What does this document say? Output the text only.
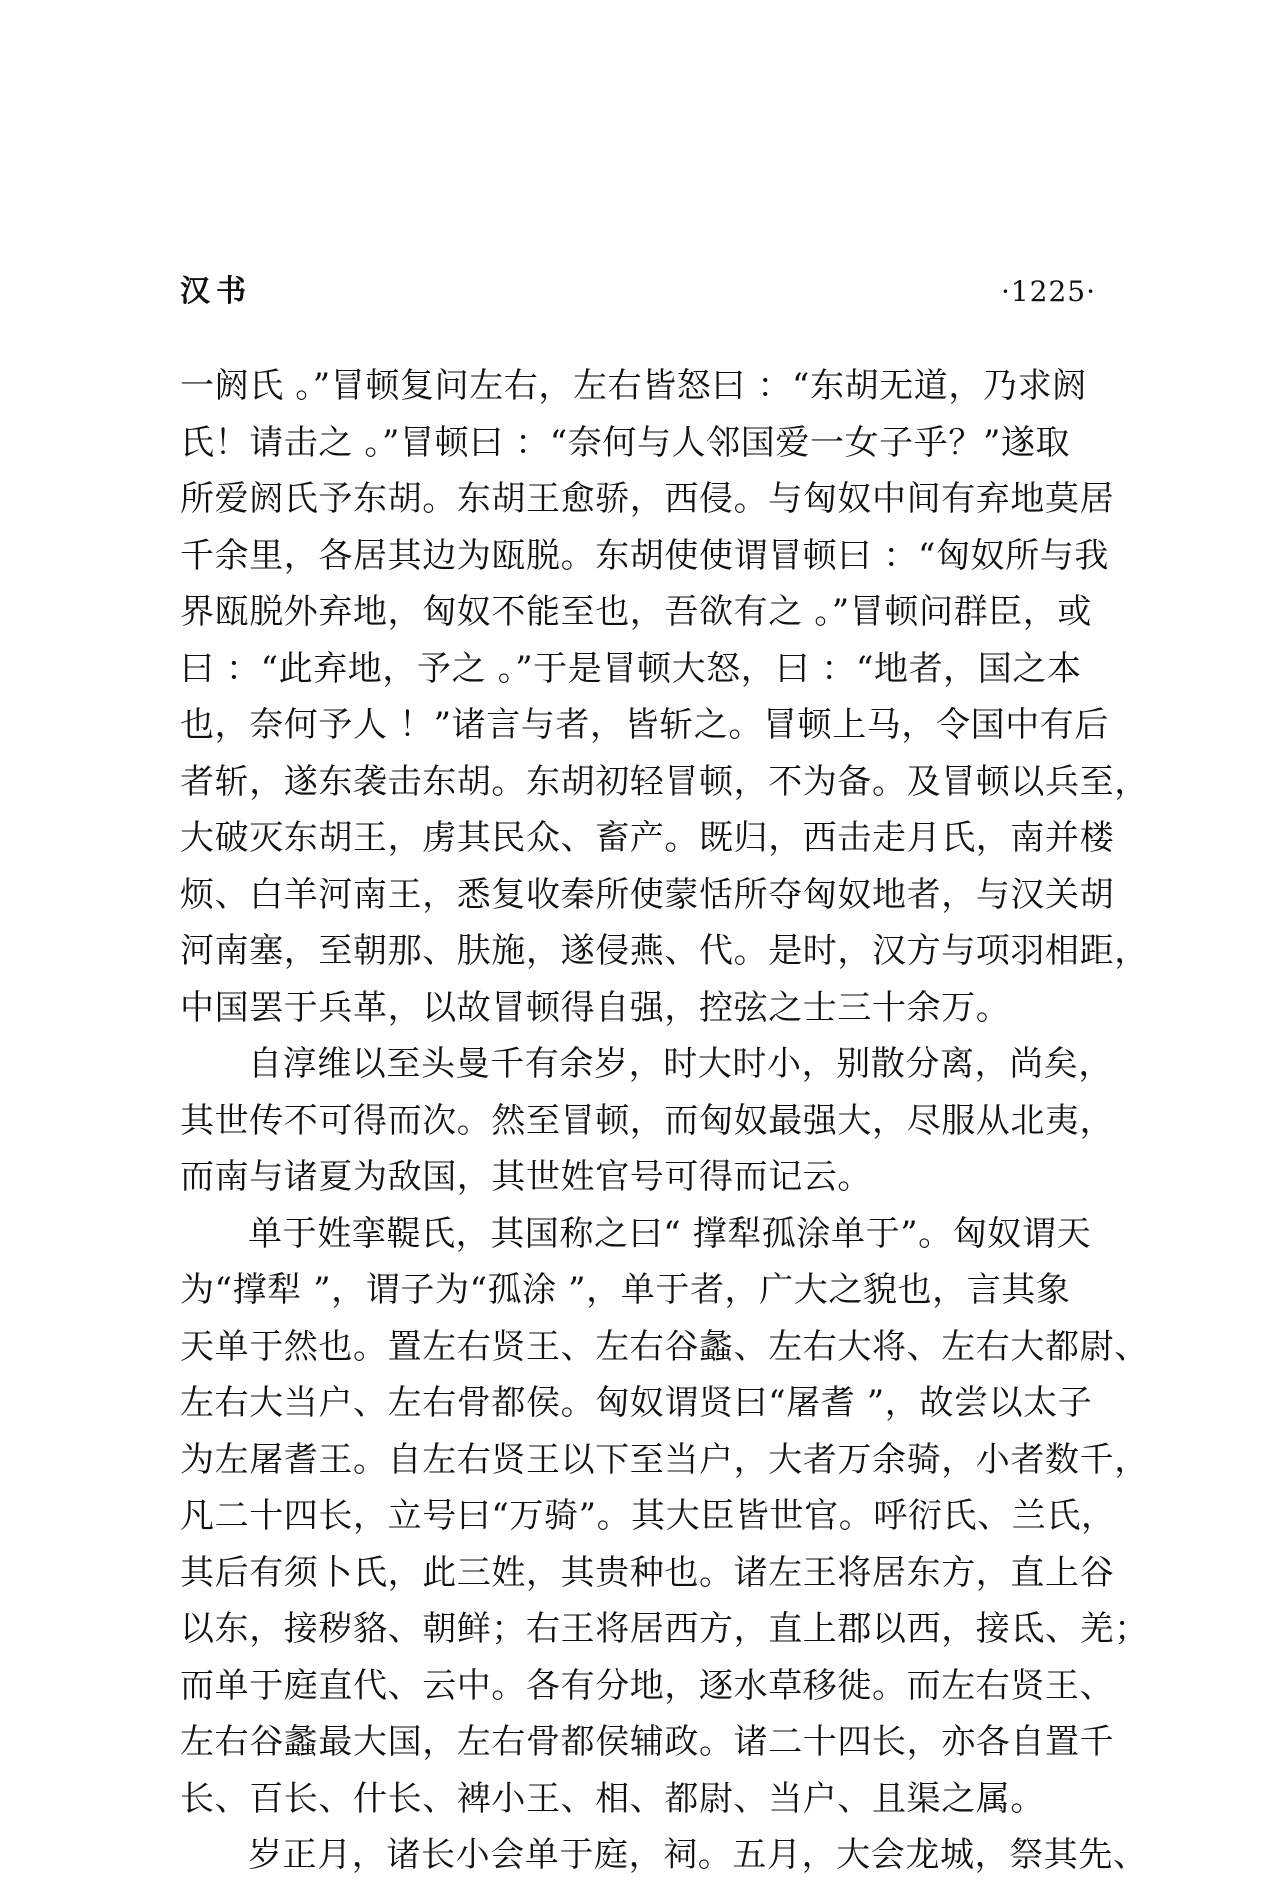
汉书	·1225·
一阏氏 。”冒顿复问左右，左右皆怒曰 ：“东胡无道，乃求阏
氏！请击之 。”冒顿曰 ：“奈何与人邻国爱一女子乎？”遂取
所爱阏氏予东胡。东胡王愈骄，西侵。与匈奴中间有弃地莫居
千余里，各居其边为瓯脱。东胡使使谓冒顿曰 ：“匈奴所与我
界瓯脱外弃地，匈奴不能至也，吾欲有之 。”冒顿问群臣，或
曰 ：“此弃地，予之 。”于是冒顿大怒，曰 ：“地者，国之本
也，奈何予人 ！”诸言与者，皆斩之。冒顿上马，令国中有后
者斩，遂东袭击东胡。东胡初轻冒顿，不为备。及冒顿以兵至，
大破灭东胡王，虏其民众、畜产。既归，西击走月氏，南并楼
烦、白羊河南王，悉复收秦所使蒙恬所夺匈奴地者，与汉关胡
河南塞，至朝那、肤施，遂侵燕、代。是时，汉方与项羽相距，
中国罢于兵革，以故冒顿得自强，控弦之士三十余万。
自淳维以至头曼千有余岁，时大时小，别散分离，尚矣，
其世传不可得而次。然至冒顿，而匈奴最强大，尽服从北夷，
而南与诸夏为敌国，其世姓官号可得而记云。
单于姓挛鞮氏，其国称之曰“ 撑犁孤涂单于”。匈奴谓天
为“撑犁 ”，谓子为“孤涂 ”，单于者，广大之貌也，言其象
天单于然也。置左右贤王、左右谷蠡、左右大将、左右大都尉、
左右大当户、左右骨都侯。匈奴谓贤曰“屠耆 ”，故尝以太子
为左屠耆王。自左右贤王以下至当户，大者万余骑，小者数千，
凡二十四长，立号曰“万骑”。其大臣皆世官。呼衍氏、兰氏，
其后有须卜氏，此三姓，其贵种也。诸左王将居东方，直上谷
以东，接秽貉、朝鲜；右王将居西方，直上郡以西，接氐、羌；
而单于庭直代、云中。各有分地，逐水草移徙。而左右贤王、
左右谷蠡最大国，左右骨都侯辅政。诸二十四长，亦各自置千
长、百长、什长、裨小王、相、都尉、当户、且渠之属。
岁正月，诸长小会单于庭，祠。五月，大会龙城，祭其先、
